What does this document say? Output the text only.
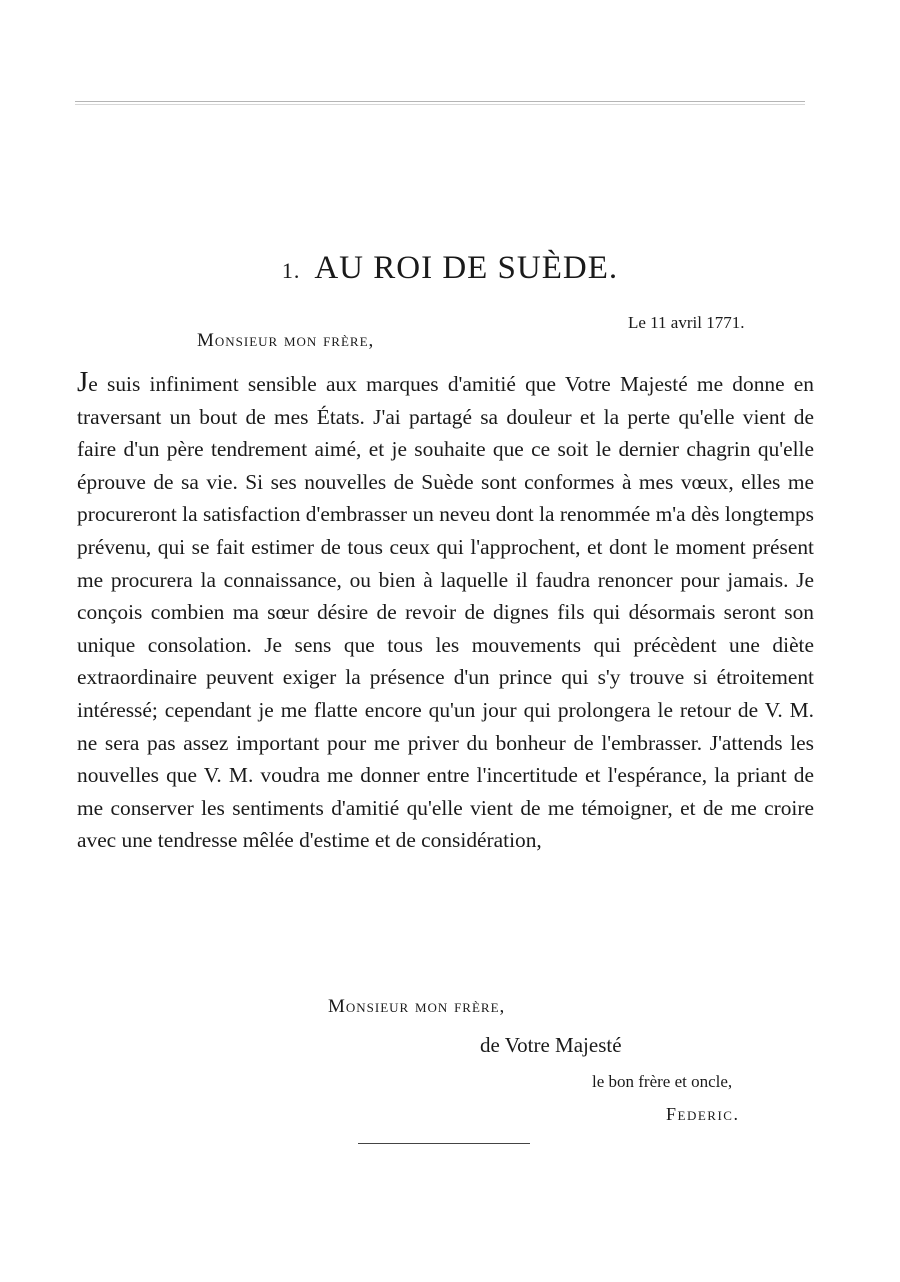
1. AU ROI DE SUÈDE.
Le 11 avril 1771.
Monsieur mon frère,

Je suis infiniment sensible aux marques d'amitié que Votre Majesté me donne en traversant un bout de mes États. J'ai partagé sa douleur et la perte qu'elle vient de faire d'un père tendrement aimé, et je souhaite que ce soit le dernier chagrin qu'elle éprouve de sa vie. Si ses nouvelles de Suède sont conformes à mes vœux, elles me procureront la satisfaction d'embrasser un neveu dont la renommée m'a dès longtemps prévenu, qui se fait estimer de tous ceux qui l'approchent, et dont le moment présent me procurera la connaissance, ou bien à laquelle il faudra renoncer pour jamais. Je conçois combien ma sœur désire de revoir de dignes fils qui désormais seront son unique consolation. Je sens que tous les mouvements qui précèdent une diète extraordinaire peuvent exiger la présence d'un prince qui s'y trouve si étroitement intéressé; cependant je me flatte encore qu'un jour qui prolongera le retour de V. M. ne sera pas assez important pour me priver du bonheur de l'embrasser. J'attends les nouvelles que V. M. voudra me donner entre l'incertitude et l'espérance, la priant de me conserver les sentiments d'amitié qu'elle vient de me témoigner, et de me croire avec une tendresse mêlée d'estime et de considération,

Monsieur mon frère,
de Votre Majesté
le bon frère et oncle,
Federic.
